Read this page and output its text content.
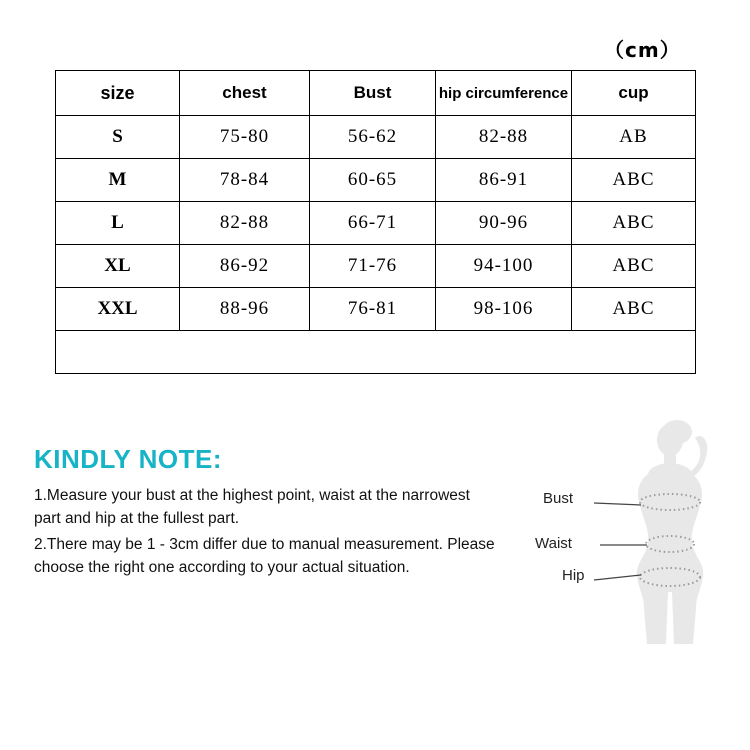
（cm）
size	chest	Bust	hip circumference	cup
S	75-80	56-62	82-88	AB
M	78-84	60-65	86-91	ABC
L	82-88	66-71	90-96	ABC
XL	86-92	71-76	94-100	ABC
XXL	88-96	76-81	98-106	ABC

KINDLY NOTE:
1.Measure your bust at the highest point, waist at the narrowest part and hip at the fullest part.
2.There may be 1 - 3cm differ due to manual measurement. Please choose the right one according to your actual situation.
Bust
Waist
Hip
